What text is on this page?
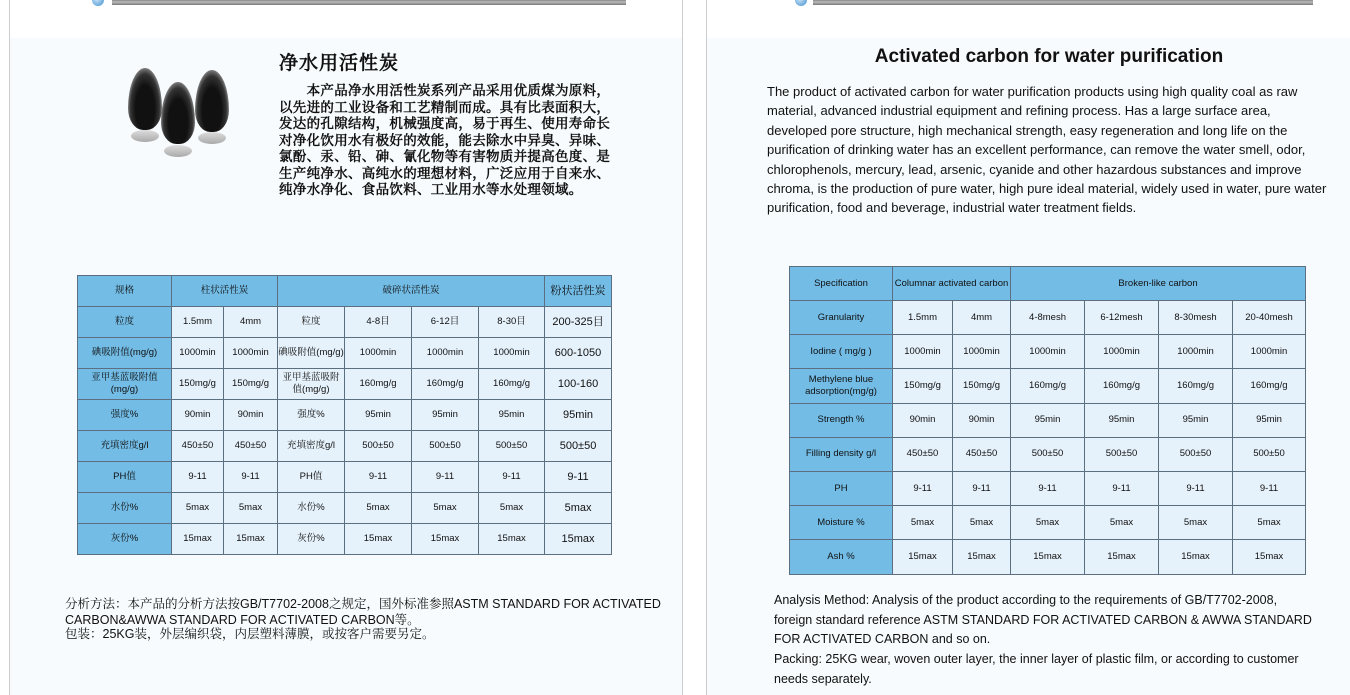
净水用活性炭
　　本产品净水用活性炭系列产品采用优质煤为原料，以先进的工业设备和工艺精制而成。具有比表面积大，发达的孔隙结构，机械强度高，易于再生、使用寿命长对净化饮用水有极好的效能，能去除水中异臭、异味、氯酚、汞、铅、砷、氰化物等有害物质并提高色度、是生产纯净水、高纯水的理想材料，广泛应用于自来水、纯净水净化、食品饮料、工业用水等水处理领域。
规格	柱状活性炭		破碎状活性炭				粉状活性炭
粒度	1.5mm	4mm	粒度	4-8目	6-12目	8-30目	200-325目
碘吸附值(mg/g)	1000min	1000min	碘吸附值(mg/g)	1000min	1000min	1000min	600-1050
亚甲基蓝吸附值(mg/g)	150mg/g	150mg/g	亚甲基蓝吸附值(mg/g)	160mg/g	160mg/g	160mg/g	100-160
强度%	90min	90min	强度%	95min	95min	95min	95min
充填密度g/l	450±50	450±50	充填密度g/l	500±50	500±50	500±50	500±50
PH值	9-11	9-11	PH值	9-11	9-11	9-11	9-11
水份%	5max	5max	水份%	5max	5max	5max	5max
灰份%	15max	15max	灰份%	15max	15max	15max	15max
分析方法：本产品的分析方法按GB/T7702-2008之规定，国外标准参照ASTM STANDARD FOR ACTIVATED CARBON&AWWA STANDARD FOR ACTIVATED CARBON等。
包装：25KG装，外层编织袋，内层塑料薄膜，或按客户需要另定。
Activated carbon for water purification
The product of activated carbon for water purification products using high quality coal as raw material, advanced industrial equipment and refining process. Has a large surface area, developed pore structure, high mechanical strength, easy regeneration and long life on the purification of drinking water has an excellent performance, can remove the water smell, odor, chlorophenols, mercury, lead, arsenic, cyanide and other hazardous substances and improve chroma, is the production of pure water, high pure ideal material, widely used in water, pure water purification, food and beverage, industrial water treatment fields.
Specification	Columnar activated carbon		Broken-like carbon			
Granularity	1.5mm	4mm	4-8mesh	6-12mesh	8-30mesh	20-40mesh
Iodine ( mg/g )	1000min	1000min	1000min	1000min	1000min	1000min
Methylene blue adsorption(mg/g)	150mg/g	150mg/g	160mg/g	160mg/g	160mg/g	160mg/g
Strength %	90min	90min	95min	95min	95min	95min
Filling density g/l	450±50	450±50	500±50	500±50	500±50	500±50
PH	9-11	9-11	9-11	9-11	9-11	9-11
Moisture %	5max	5max	5max	5max	5max	5max
Ash %	15max	15max	15max	15max	15max	15max
Analysis Method: Analysis of the product according to the requirements of GB/T7702-2008, foreign standard reference ASTM STANDARD FOR ACTIVATED CARBON & AWWA STANDARD FOR ACTIVATED CARBON and so on.
Packing: 25KG wear, woven outer layer, the inner layer of plastic film, or according to customer needs separately.
